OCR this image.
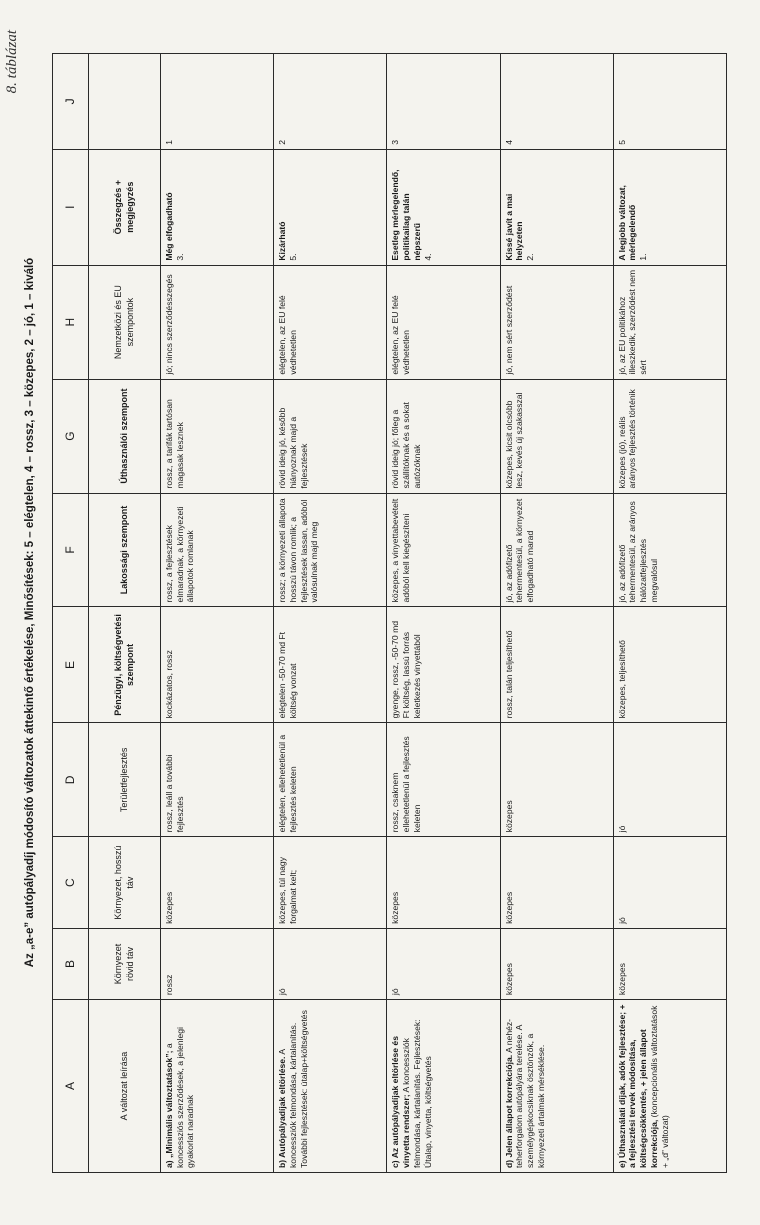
8. táblázat
Az „a-e” autópályadíj módosító változatok áttekintő értékelése, Minősítések: 5 – elégtelen, 4 – rossz, 3 – közepes, 2 – jó, 1 – kiváló
A	B	C	D	E	F	G	H	I	J
A változat leírása	Környezet rövid táv	Környezet, hosszú táv	Területfejlesztés	Pénzügyi, költségvetési szempont	Lakossági szempont	Úthasználói szempont	Nemzetközi és EU szempontok	Összegzés + megjegyzés	
a) „Minimális változtatások”; a koncessziós szerződések, a jelenlegi gyakorlat naradnak	rossz	közepes	rossz, leáll a további fejlesztés	kockázatos, rossz	rossz, a fejlesztések elmaradnak, a környezeti állapotok romlanak	rossz, a tarifák tartósan magasak lesznek	jó; nincs szerződésszegés	Még elfogadható 3.	1
b) Autópályadíjak eltörlése. A koncessziók felmondása, kártalanítás. További fejlesztések: útalap+költségvetés	jó	közepes, túl nagy forgalmat kelt;	elégtelen, ellehetetlenül a fejlesztés keleten	elégtelen -50-70 md Ft költség vonzat	rossz; a környezeti állapota hosszú távon romlik; a fejlesztések lassan, adóból valósulnak majd meg	rövid ideig jó, később hiányoznak majd a fejlesztések	elégtelen, az EU felé védhetetlen	Kizárható 5.	2
c) Az autópályadíjak eltörlése és vinyetta rendszer; A koncessziók felmondása, kártalanítás. Fejlesztések: Útalap, vinyetta, költségvetés	jó	közepes	rossz, csaknem ellehetetlenül a fejlesztés keleten	gyenge, rossz, -50-70 md Ft költség, lassú forrás keletkezés vinyettából	közepes, a vinyettabevételt adóból kell kiegészíteni	rövid ideig jó; főleg a szállítóknak és a sokat autózóknak	elégtelen, az EU felé védhetetlen	Esetleg mérlegelendő, politikailag talán népszerű 4.	3
d) Jelen állapot korrekciója. A nehéz-teherforgalom autópályára terelése. A személygépkocsiknak ösztönzők, a környezeti ártalmak mérséklése.	közepes	közepes	közepes	rossz, talán teljesíthető	jó, az adófizető tehermentesül, a környezet elfogadható marad	közepes, kicsit olcsóbb lesz, kevés új szakasszal	jó, nem sért szerződést	Kissé javít a mai helyzeten 2.	4
e) Úthasználati díjak, adók fejlesztése; + a fejlesztési tervek módosítása, költségcsökkentés, + jelen állapot korrekciója, (koncepcionális változtatások + „d” változat)	közepes	jó	jó	közepes, teljesíthető	jó, az adófizető tehermentesül, az arányos hálózatfejlesztés megvalósul	közepes (jó), reális arányos fejlesztés történik	jó, az EU politikához illeszkedik, szerződést nem sért	A legjobb változat, mérlegelendő 1.	5
